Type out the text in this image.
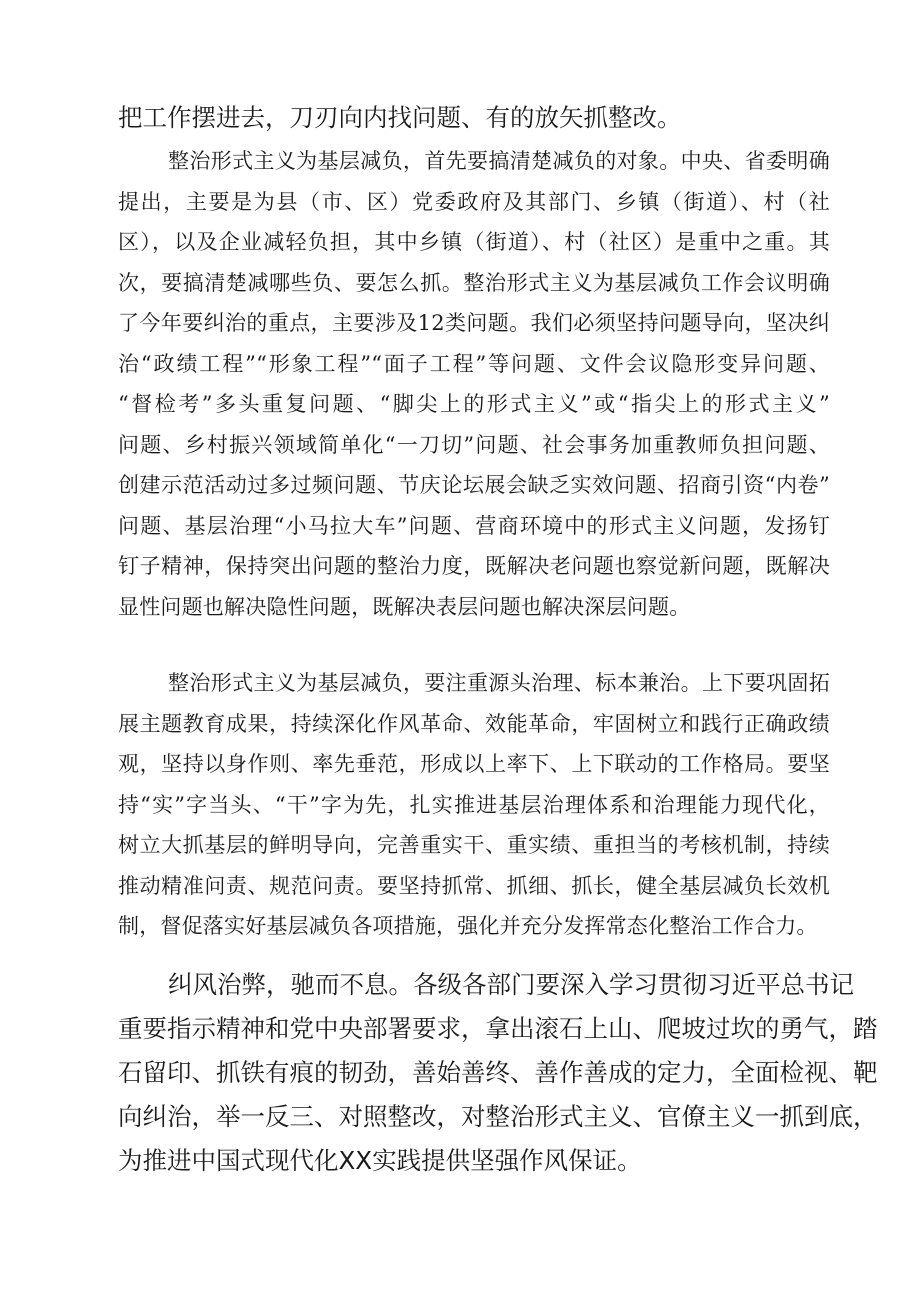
把工作摆进去，刀刃向内找问题、有的放矢抓整改。
整治形式主义为基层减负，首先要搞清楚减负的对象。中央、省委明确
提出，主要是为县（市、区）党委政府及其部门、乡镇（街道）、村（社
区），以及企业减轻负担，其中乡镇（街道）、村（社区）是重中之重。其
次，要搞清楚减哪些负、要怎么抓。整治形式主义为基层减负工作会议明确
了今年要纠治的重点，主要涉及12类问题。我们必须坚持问题导向，坚决纠
治“政绩工程”“形象工程”“面子工程”等问题、文件会议隐形变异问题、
“督检考”多头重复问题、“脚尖上的形式主义”或“指尖上的形式主义”
问题、乡村振兴领域简单化“一刀切”问题、社会事务加重教师负担问题、
创建示范活动过多过频问题、节庆论坛展会缺乏实效问题、招商引资“内卷”
问题、基层治理“小马拉大车”问题、营商环境中的形式主义问题，发扬钉
钉子精神，保持突出问题的整治力度，既解决老问题也察觉新问题，既解决
显性问题也解决隐性问题，既解决表层问题也解决深层问题。
整治形式主义为基层减负，要注重源头治理、标本兼治。上下要巩固拓
展主题教育成果，持续深化作风革命、效能革命，牢固树立和践行正确政绩
观，坚持以身作则、率先垂范，形成以上率下、上下联动的工作格局。要坚
持“实”字当头、“干”字为先，扎实推进基层治理体系和治理能力现代化，
树立大抓基层的鲜明导向，完善重实干、重实绩、重担当的考核机制，持续
推动精准问责、规范问责。要坚持抓常、抓细、抓长，健全基层减负长效机
制，督促落实好基层减负各项措施，强化并充分发挥常态化整治工作合力。
纠风治弊，驰而不息。各级各部门要深入学习贯彻习近平总书记
重要指示精神和党中央部署要求，拿出滚石上山、爬坡过坎的勇气，踏
石留印、抓铁有痕的韧劲，善始善终、善作善成的定力，全面检视、靶
向纠治，举一反三、对照整改，对整治形式主义、官僚主义一抓到底，
为推进中国式现代化XX实践提供坚强作风保证。
